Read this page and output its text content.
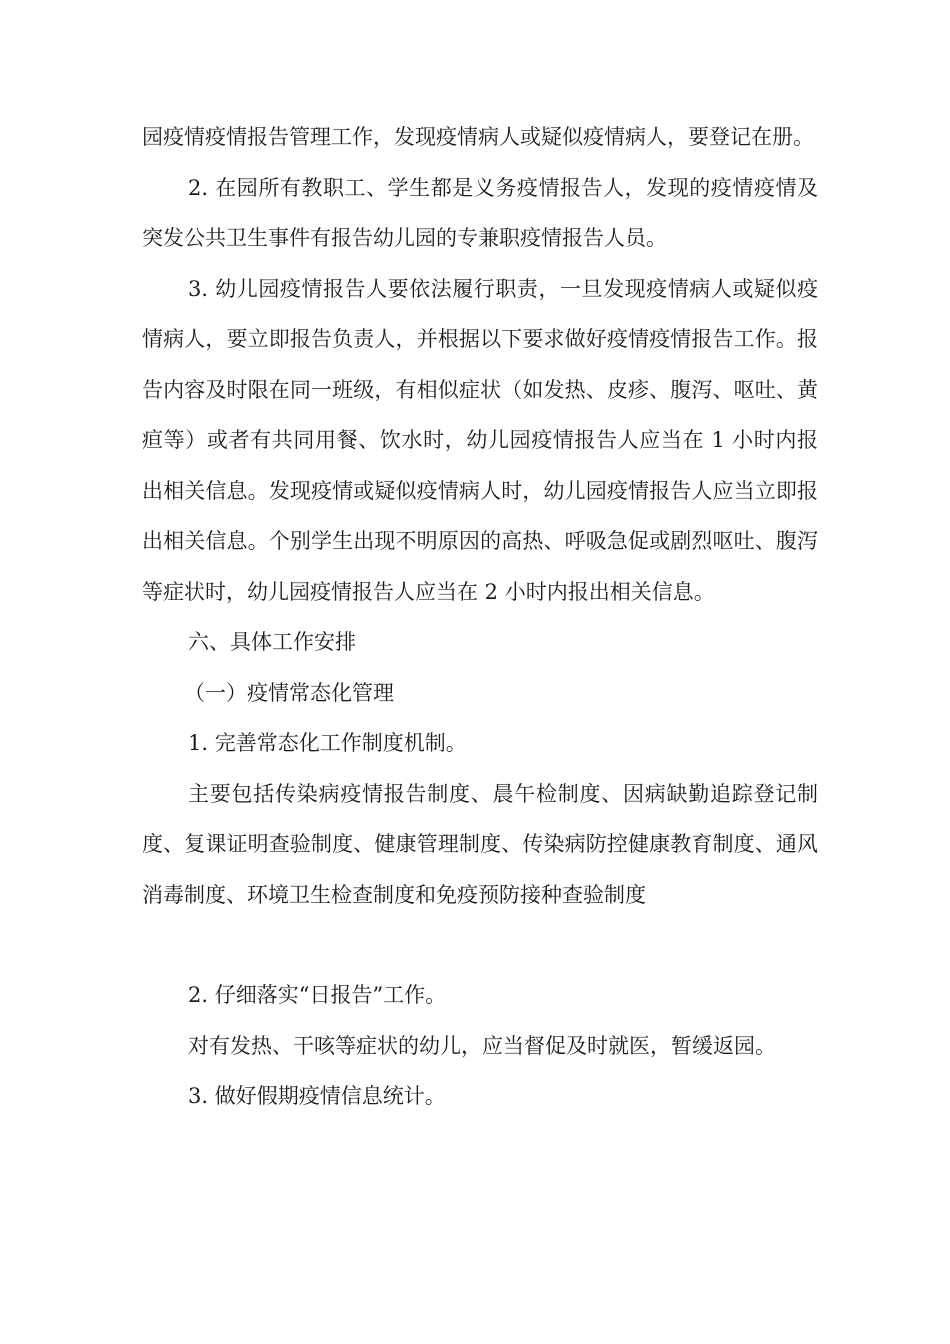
园疫情疫情报告管理工作，发现疫情病人或疑似疫情病人，要登记在册。

2. 在园所有教职工、学生都是义务疫情报告人，发现的疫情疫情及突发公共卫生事件有报告幼儿园的专兼职疫情报告人员。

3. 幼儿园疫情报告人要依法履行职责，一旦发现疫情病人或疑似疫情病人，要立即报告负责人，并根据以下要求做好疫情疫情报告工作。报告内容及时限在同一班级，有相似症状（如发热、皮疹、腹泻、呕吐、黄疸等）或者有共同用餐、饮水时，幼儿园疫情报告人应当在 1 小时内报出相关信息。发现疫情或疑似疫情病人时，幼儿园疫情报告人应当立即报出相关信息。个别学生出现不明原因的高热、呼吸急促或剧烈呕吐、腹泻等症状时，幼儿园疫情报告人应当在 2 小时内报出相关信息。

六、具体工作安排

（一）疫情常态化管理

1. 完善常态化工作制度机制。

主要包括传染病疫情报告制度、晨午检制度、因病缺勤追踪登记制度、复课证明查验制度、健康管理制度、传染病防控健康教育制度、通风消毒制度、环境卫生检查制度和免疫预防接种查验制度

2. 仔细落实“日报告”工作。

对有发热、干咳等症状的幼儿，应当督促及时就医，暂缓返园。

3. 做好假期疫情信息统计。
